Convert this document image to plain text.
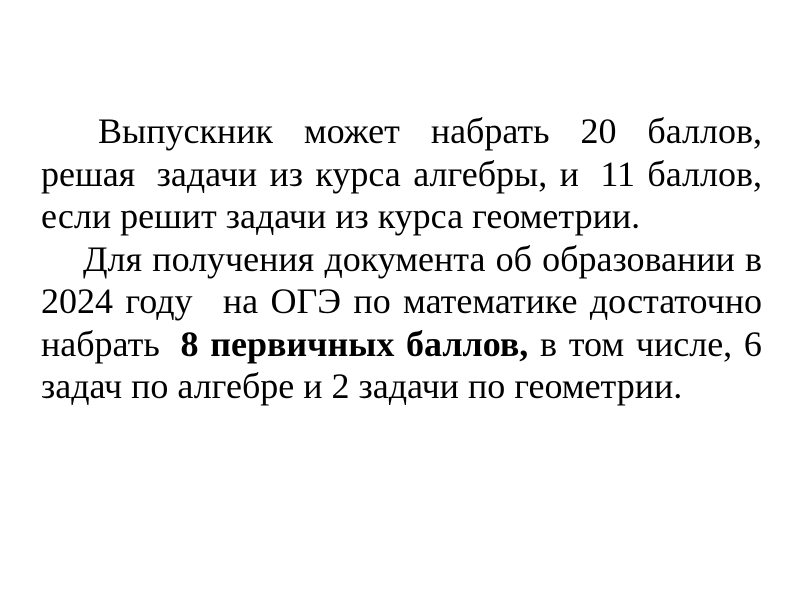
Выпускник может набрать 20 баллов,
решая задачи из курса алгебры, и 11 баллов,
если решит задачи из курса геометрии.
Для получения документа об образовании в
2024 году на ОГЭ по математике достаточно
набрать 8 первичных баллов, в том числе, 6
задач по алгебре и 2 задачи по геометрии.
